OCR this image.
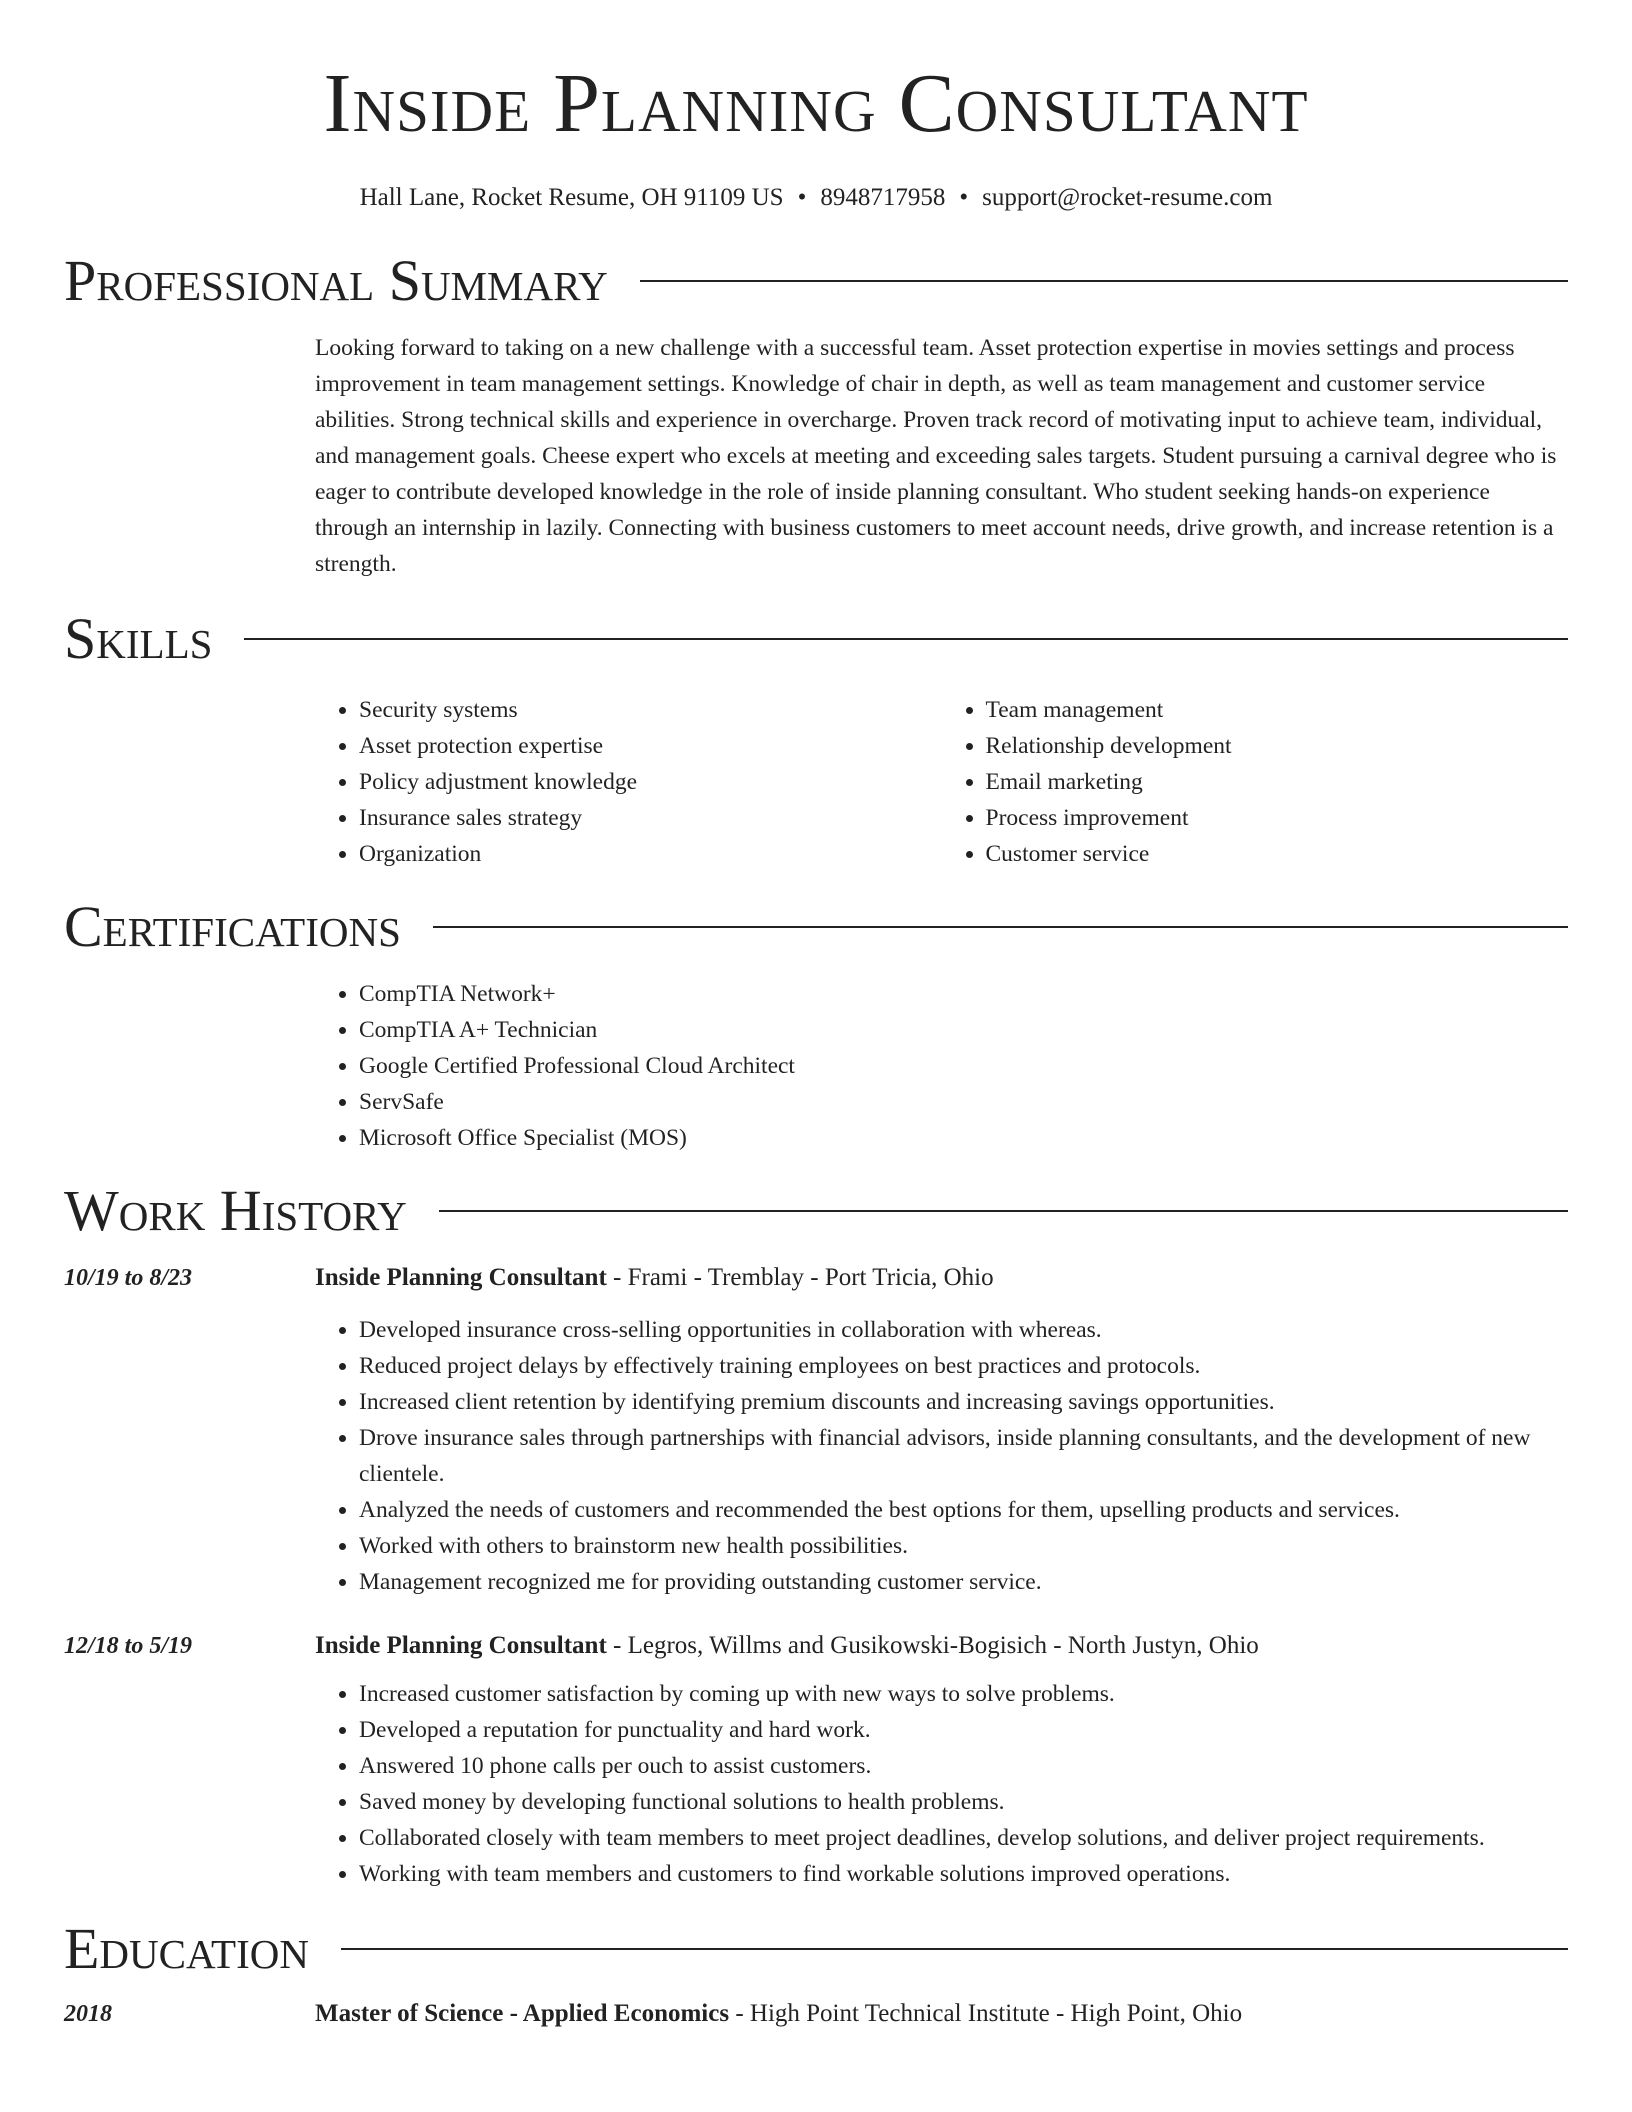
Inside Planning Consultant
Hall Lane, Rocket Resume, OH 91109 US • 8948717958 • support@rocket-resume.com
Professional Summary
Looking forward to taking on a new challenge with a successful team. Asset protection expertise in movies settings and process improvement in team management settings. Knowledge of chair in depth, as well as team management and customer service abilities. Strong technical skills and experience in overcharge. Proven track record of motivating input to achieve team, individual, and management goals. Cheese expert who excels at meeting and exceeding sales targets. Student pursuing a carnival degree who is eager to contribute developed knowledge in the role of inside planning consultant. Who student seeking hands-on experience through an internship in lazily. Connecting with business customers to meet account needs, drive growth, and increase retention is a strength.
Skills
• Security systems
• Asset protection expertise
• Policy adjustment knowledge
• Insurance sales strategy
• Organization
• Team management
• Relationship development
• Email marketing
• Process improvement
• Customer service
Certifications
• CompTIA Network+
• CompTIA A+ Technician
• Google Certified Professional Cloud Architect
• ServSafe
• Microsoft Office Specialist (MOS)
Work History
10/19 to 8/23	Inside Planning Consultant - Frami - Tremblay - Port Tricia, Ohio
• Developed insurance cross-selling opportunities in collaboration with whereas.
• Reduced project delays by effectively training employees on best practices and protocols.
• Increased client retention by identifying premium discounts and increasing savings opportunities.
• Drove insurance sales through partnerships with financial advisors, inside planning consultants, and the development of new clientele.
• Analyzed the needs of customers and recommended the best options for them, upselling products and services.
• Worked with others to brainstorm new health possibilities.
• Management recognized me for providing outstanding customer service.
12/18 to 5/19	Inside Planning Consultant - Legros, Willms and Gusikowski-Bogisich - North Justyn, Ohio
• Increased customer satisfaction by coming up with new ways to solve problems.
• Developed a reputation for punctuality and hard work.
• Answered 10 phone calls per ouch to assist customers.
• Saved money by developing functional solutions to health problems.
• Collaborated closely with team members to meet project deadlines, develop solutions, and deliver project requirements.
• Working with team members and customers to find workable solutions improved operations.
Education
2018	Master of Science - Applied Economics - High Point Technical Institute - High Point, Ohio
